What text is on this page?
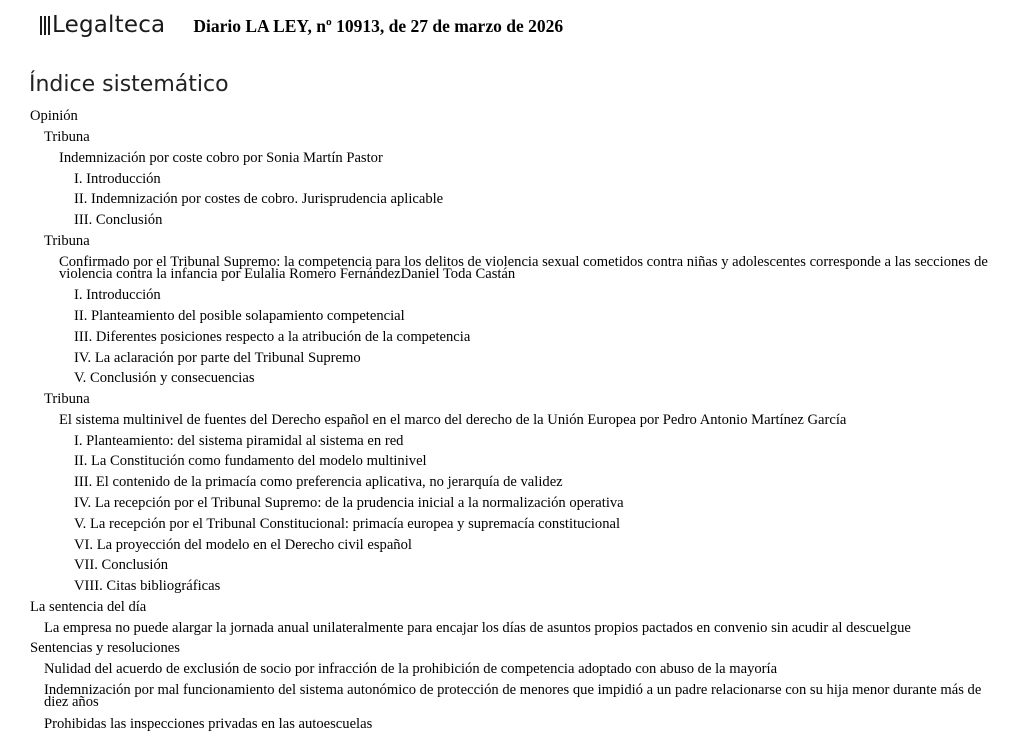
Legalteca Diario LA LEY, nº 10913, de 27 de marzo de 2026
Índice sistemático
Opinión
Tribuna
Indemnización por coste cobro por Sonia Martín Pastor
I. Introducción
II. Indemnización por costes de cobro. Jurisprudencia aplicable
III. Conclusión
Tribuna
Confirmado por el Tribunal Supremo: la competencia para los delitos de violencia sexual cometidos contra niñas y adolescentes corresponde a las secciones de violencia contra la infancia por Eulalia Romero FernándezDaniel Toda Castán
I. Introducción
II. Planteamiento del posible solapamiento competencial
III. Diferentes posiciones respecto a la atribución de la competencia
IV. La aclaración por parte del Tribunal Supremo
V. Conclusión y consecuencias
Tribuna
El sistema multinivel de fuentes del Derecho español en el marco del derecho de la Unión Europea por Pedro Antonio Martínez García
I. Planteamiento: del sistema piramidal al sistema en red
II. La Constitución como fundamento del modelo multinivel
III. El contenido de la primacía como preferencia aplicativa, no jerarquía de validez
IV. La recepción por el Tribunal Supremo: de la prudencia inicial a la normalización operativa
V. La recepción por el Tribunal Constitucional: primacía europea y supremacía constitucional
VI. La proyección del modelo en el Derecho civil español
VII. Conclusión
VIII. Citas bibliográficas
La sentencia del día
La empresa no puede alargar la jornada anual unilateralmente para encajar los días de asuntos propios pactados en convenio sin acudir al descuelgue
Sentencias y resoluciones
Nulidad del acuerdo de exclusión de socio por infracción de la prohibición de competencia adoptado con abuso de la mayoría
Indemnización por mal funcionamiento del sistema autonómico de protección de menores que impidió a un padre relacionarse con su hija menor durante más de diez años
Prohibidas las inspecciones privadas en las autoescuelas
